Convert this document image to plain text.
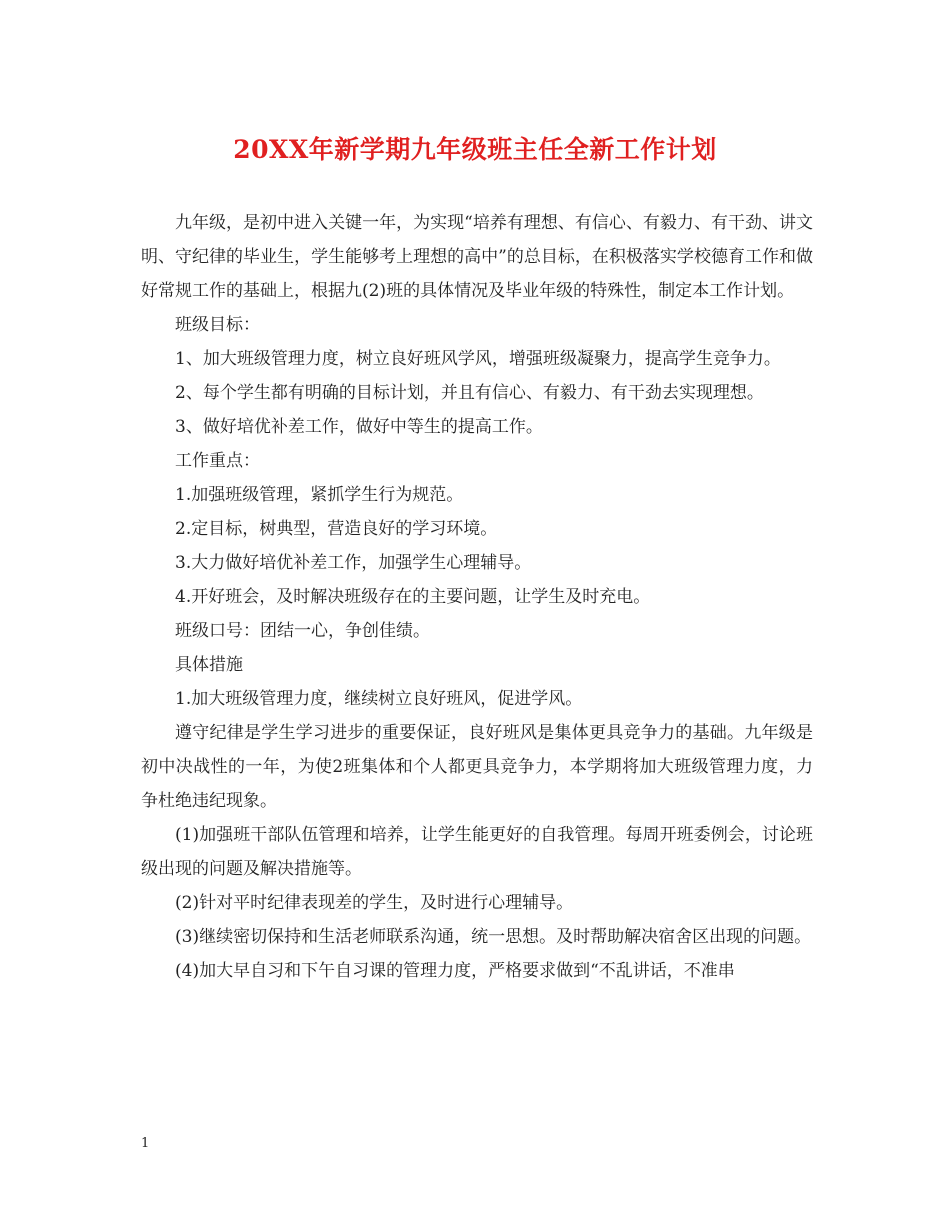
20XX年新学期九年级班主任全新工作计划

九年级，是初中进入关键一年，为实现“培养有理想、有信心、有毅力、有干劲、讲文明、守纪律的毕业生，学生能够考上理想的高中”的总目标，在积极落实学校德育工作和做好常规工作的基础上，根据九(2)班的具体情况及毕业年级的特殊性，制定本工作计划。

班级目标：

1、加大班级管理力度，树立良好班风学风，增强班级凝聚力，提高学生竞争力。

2、每个学生都有明确的目标计划，并且有信心、有毅力、有干劲去实现理想。

3、做好培优补差工作，做好中等生的提高工作。

工作重点：

1.加强班级管理，紧抓学生行为规范。

2.定目标，树典型，营造良好的学习环境。

3.大力做好培优补差工作，加强学生心理辅导。

4.开好班会，及时解决班级存在的主要问题，让学生及时充电。

班级口号：团结一心，争创佳绩。

具体措施

1.加大班级管理力度，继续树立良好班风，促进学风。

遵守纪律是学生学习进步的重要保证，良好班风是集体更具竞争力的基础。九年级是初中决战性的一年，为使2班集体和个人都更具竞争力，本学期将加大班级管理力度，力争杜绝违纪现象。

(1)加强班干部队伍管理和培养，让学生能更好的自我管理。每周开班委例会，讨论班级出现的问题及解决措施等。

(2)针对平时纪律表现差的学生，及时进行心理辅导。

(3)继续密切保持和生活老师联系沟通，统一思想。及时帮助解决宿舍区出现的问题。

(4)加大早自习和下午自习课的管理力度，严格要求做到“不乱讲话，不准串

1
